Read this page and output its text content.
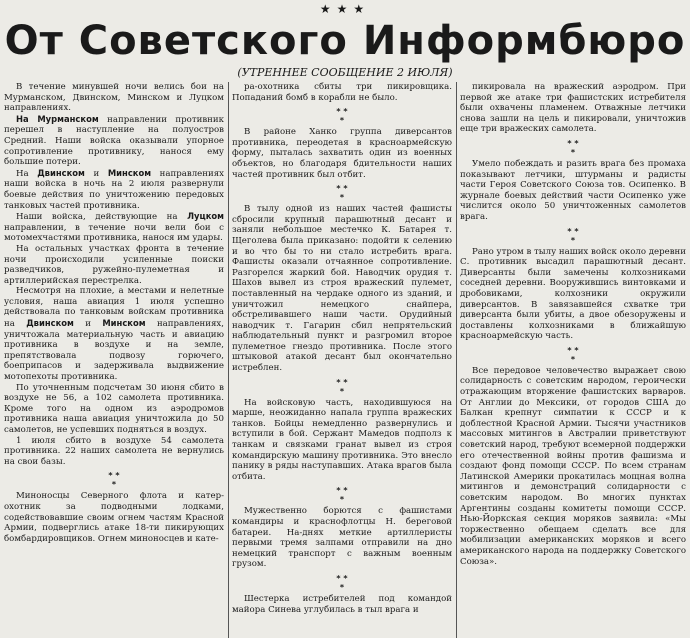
★★★
От Советского Информбюро
(УТРЕННЕЕ СООБЩЕНИЕ 2 ИЮЛЯ)

В течение минувшей ночи велись бои на Мурманском, Двинском, Минском и Луцком направлениях.

На Мурманском направлении противник перешел в наступление на полуостров Средний. Наши войска оказывали упорное сопротивление противнику, нанося ему большие потери.

На Двинском и Минском направлениях наши войска в ночь на 2 июля развернули боевые действия по уничтожению передовых танковых частей противника.

Наши войска, действующие на Луцком направлении, в течение ночи вели бои с мотомехчастями противника, нанося им удары.

На остальных участках фронта в течение ночи происходили усиленные поиски разведчиков, ружейно-пулеметная и артиллерийская перестрелка.

Несмотря на плохие, а местами и нелетные условия, наша авиация 1 июля успешно действовала по танковым войскам противника на Двинском и Минском направлениях, уничтожала материальную часть и авиацию противника в воздухе и на земле, препятствовала подвозу горючего, боеприпасов и задерживала выдвижение мотопехоты противника.

По уточненным подсчетам 30 июня сбито в воздухе не 56, а 102 самолета противника. Кроме того на одном из аэродромов противника наша авиация уничтожила до 50 самолетов, не успевших подняться в воздух.

1 июля сбито в воздухе 54 самолета противника. 22 наших самолета не вернулись на свои базы.

* *
*

Миноносцы Северного флота и катер-охотник за подводными лодками, содействовавшие своим огнем частям Красной Армии, подверглись атаке 18-ти пикирующих бомбардировщиков. Огнем миноносцев и кате-

ра-охотника сбиты три пикировщика. Попаданий бомб в корабли не было.

* *
*

В районе Ханко группа диверсантов противника, переодетая в красноармейскую форму, пыталась захватить один из военных объектов, но благодаря бдительности наших частей противник был отбит.

* *
*

В тылу одной из наших частей фашисты сбросили крупный парашютный десант и заняли небольшое местечко К. Батарея т. Щеголева была приказано: подойти к селению и во что бы то ни стало истребить врага. Фашисты оказали отчаянное сопротивление. Разгорелся жаркий бой. Наводчик орудия т. Шахов вывел из строя вражеский пулемет, поставленный на чердаке одного из зданий, и уничтожил немецкого снайпера, обстреливавшего наши части. Орудийный наводчик т. Гагарин сбил непрятельский наблюдательный пункт и разгромил второе пулеметное гнездо противника. После этого штыковой атакой десант был окончательно истреблен.

* *
*

На войсковую часть, находившуюся на марше, неожиданно напала группа вражеских танков. Бойцы немедленно развернулись и вступили в бой. Сержант Мамедов подполз к танкам и связками гранат вывел из строя командирскую машину противника. Это внесло панику в ряды наступавших. Атака врагов была отбита.

* *
*

Мужественно борются с фашистами командиры и краснофлотцы Н. береговой батареи. На-днях меткие артиллеристы первыми тремя залпами отправили на дно немецкий транспорт с важным военным грузом.

* *
*

Шестерка истребителей под командой майора Синева углубилась в тыл врага и

пикировала на вражеский аэродром. При первой же атаке три фашистских истребителя были охвачены пламенем. Отважные летчики снова зашли на цель и пикировали, уничтожив еще три вражеских самолета.

* *
*

Умело побеждать и разить врага без промаха показывают летчики, штурманы и радисты части Героя Советского Союза тов. Осипенко. В журнале боевых действий части Осипенко уже числится около 50 уничтоженных самолетов врага.

* *
*

Рано утром в тылу наших войск около деревни С. противник высадил парашютный десант. Диверсанты были замечены колхозниками соседней деревни. Вооружившись винтовками и дробовиками, колхозники окружили диверсантов. В завязавшейся схватке три диверсанта были убиты, а двое обезоружены и доставлены колхозниками в ближайшую красноармейскую часть.

* *
*

Все передовое человечество выражает свою солидарность с советским народом, героически отражающим вторжение фашистских варваров. От Англии до Мексики, от городов США до Балкан крепнут симпатии к СССР и к доблестной Красной Армии. Тысячи участников массовых митингов в Австралии приветствуют советский народ, требуют всемерной поддержки его отечественной войны против фашизма и создают фонд помощи СССР. По всем странам Латинской Америки прокатилась мощная волна митингов и демонстраций солидарности с советским народом. Во многих пунктах Аргентины созданы комитеты помощи СССР. Нью-Йоркская секция моряков заявила: «Мы торжественно обещаем сделать все для мобилизации американских моряков и всего американского народа на поддержку Советского Союза».
